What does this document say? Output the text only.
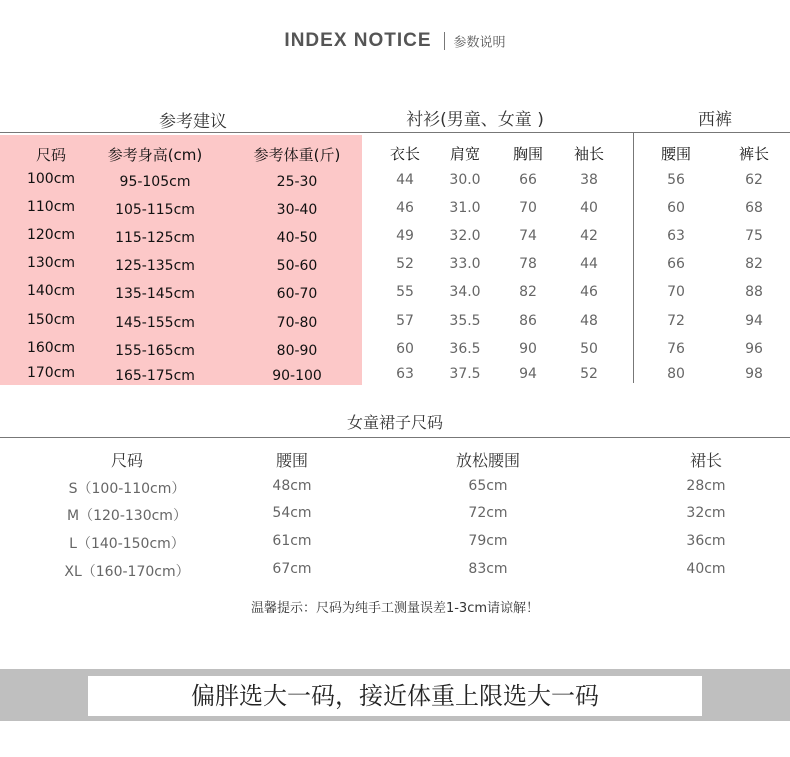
INDEX NOTICE 参数说明
参考建议	衬衫(男童、女童 )	西裤
尺码	参考身高(cm)	参考体重(斤)	衣长	肩宽	胸围	袖长	腰围	裤长
100cm	95-105cm	25-30	44	30.0	66	38	56	62
110cm	105-115cm	30-40	46	31.0	70	40	60	68
120cm	115-125cm	40-50	49	32.0	74	42	63	75
130cm	125-135cm	50-60	52	33.0	78	44	66	82
140cm	135-145cm	60-70	55	34.0	82	46	70	88
150cm	145-155cm	70-80	57	35.5	86	48	72	94
160cm	155-165cm	80-90	60	36.5	90	50	76	96
170cm	165-175cm	90-100	63	37.5	94	52	80	98
女童裙子尺码
尺码	腰围	放松腰围	裙长
S（100-110cm）	48cm	65cm	28cm
M（120-130cm）	54cm	72cm	32cm
L（140-150cm）	61cm	79cm	36cm
XL（160-170cm）	67cm	83cm	40cm
温馨提示：尺码为纯手工测量误差1-3cm请谅解！
偏胖选大一码，接近体重上限选大一码
